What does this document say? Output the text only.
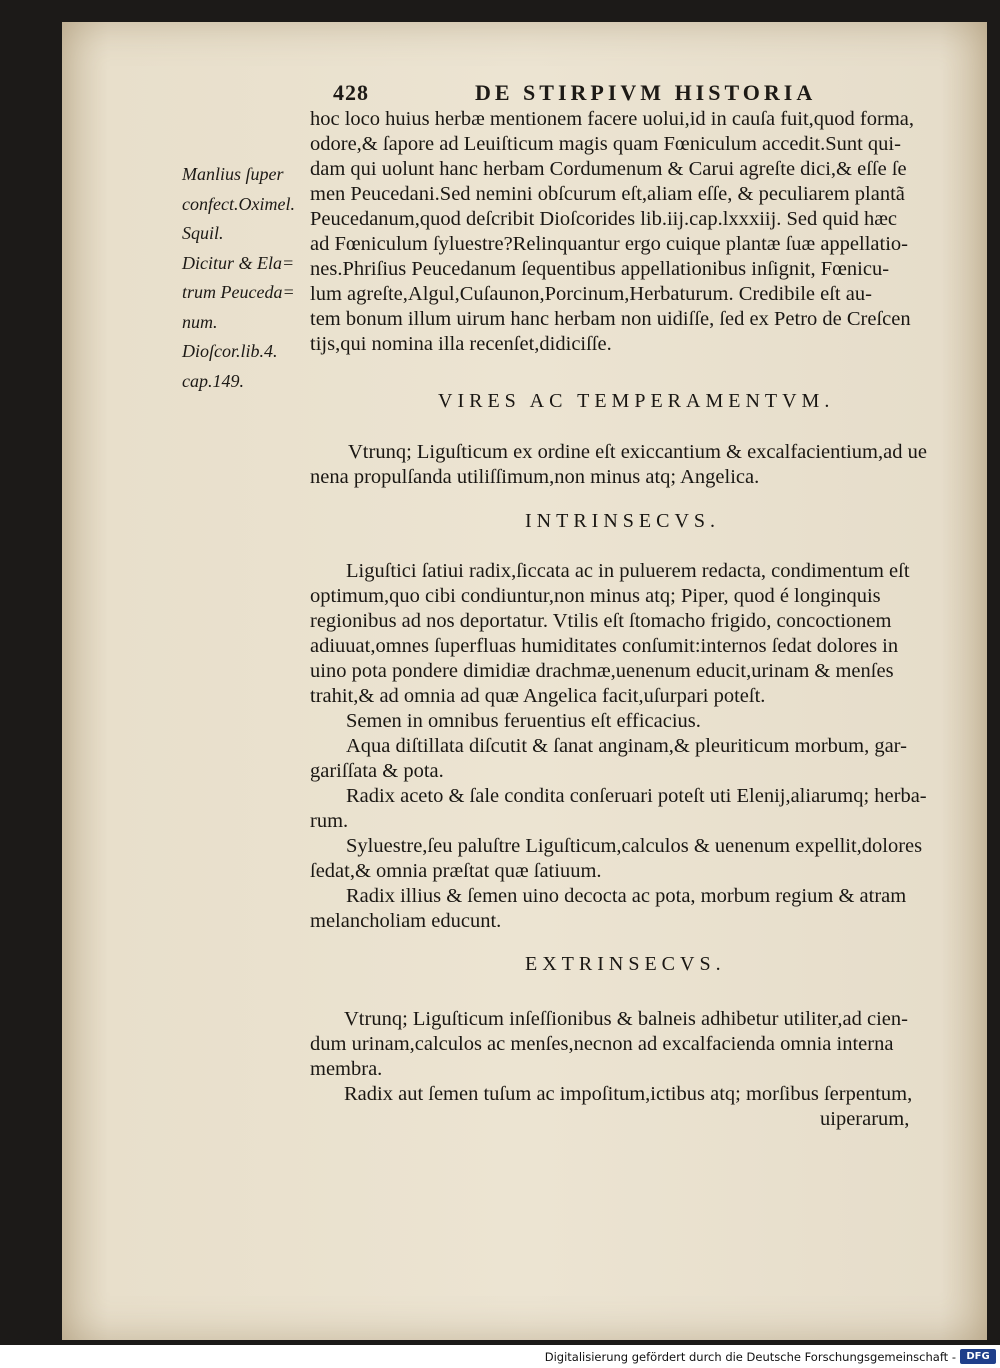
428	DE STIRPIVM HISTORIA
Manlius ſuper
confect.Oximel.
Squil.
Dicitur & Ela=
trum Peuceda=
num.
Dioſcor.lib.4.
cap.149.
hoc loco huius herbæ mentionem facere uolui,id in cauſa fuit,quod forma,
odore,& ſapore ad Leuiſticum magis quam Fœniculum accedit.Sunt qui-
dam qui uolunt hanc herbam Cordumenum & Carui agreſte dici,& eſſe ſe
men Peucedani.Sed nemini obſcurum eſt,aliam eſſe, & peculiarem plantã
Peucedanum,quod deſcribit Dioſcorides lib.iij.cap.lxxxiij. Sed quid hæc
ad Fœniculum ſyluestre?Relinquantur ergo cuique plantæ ſuæ appellatio-
nes.Phriſius Peucedanum ſequentibus appellationibus inſignit, Fœnicu-
lum agreſte,Algul,Cuſaunon,Porcinum,Herbaturum. Credibile eſt au-
tem bonum illum uirum hanc herbam non uidiſſe, ſed ex Petro de Creſcen
tijs,qui nomina illa recenſet,didiciſſe.
VIRES AC TEMPERAMENTVM.
Vtrunq; Liguſticum ex ordine eſt exiccantium & excalfacientium,ad ue
nena propulſanda utiliſſimum,non minus atq; Angelica.
INTRINSECVS.
Liguſtici ſatiui radix,ſiccata ac in puluerem redacta, condimentum eſt
optimum,quo cibi condiuntur,non minus atq; Piper, quod é longinquis
regionibus ad nos deportatur. Vtilis eſt ſtomacho frigido, concoctionem
adiuuat,omnes ſuperfluas humiditates conſumit:internos ſedat dolores in
uino pota pondere dimidiæ drachmæ,uenenum educit,urinam & menſes
trahit,& ad omnia ad quæ Angelica facit,uſurpari poteſt.
Semen in omnibus feruentius eſt efficacius.
Aqua diſtillata diſcutit & ſanat anginam,& pleuriticum morbum, gar-
gariſſata & pota.
Radix aceto & ſale condita conſeruari poteſt uti Elenij,aliarumq; herba-
rum.
Syluestre,ſeu paluſtre Liguſticum,calculos & uenenum expellit,dolores
ſedat,& omnia præſtat quæ ſatiuum.
Radix illius & ſemen uino decocta ac pota, morbum regium & atram
melancholiam educunt.
EXTRINSECVS.
Vtrunq; Liguſticum inſeſſionibus & balneis adhibetur utiliter,ad cien-
dum urinam,calculos ac menſes,necnon ad excalfacienda omnia interna
membra.
Radix aut ſemen tuſum ac impoſitum,ictibus atq; morſibus ſerpentum,
uiperarum,
Digitalisierung gefördert durch die Deutsche Forschungsgemeinschaft -	DFG
